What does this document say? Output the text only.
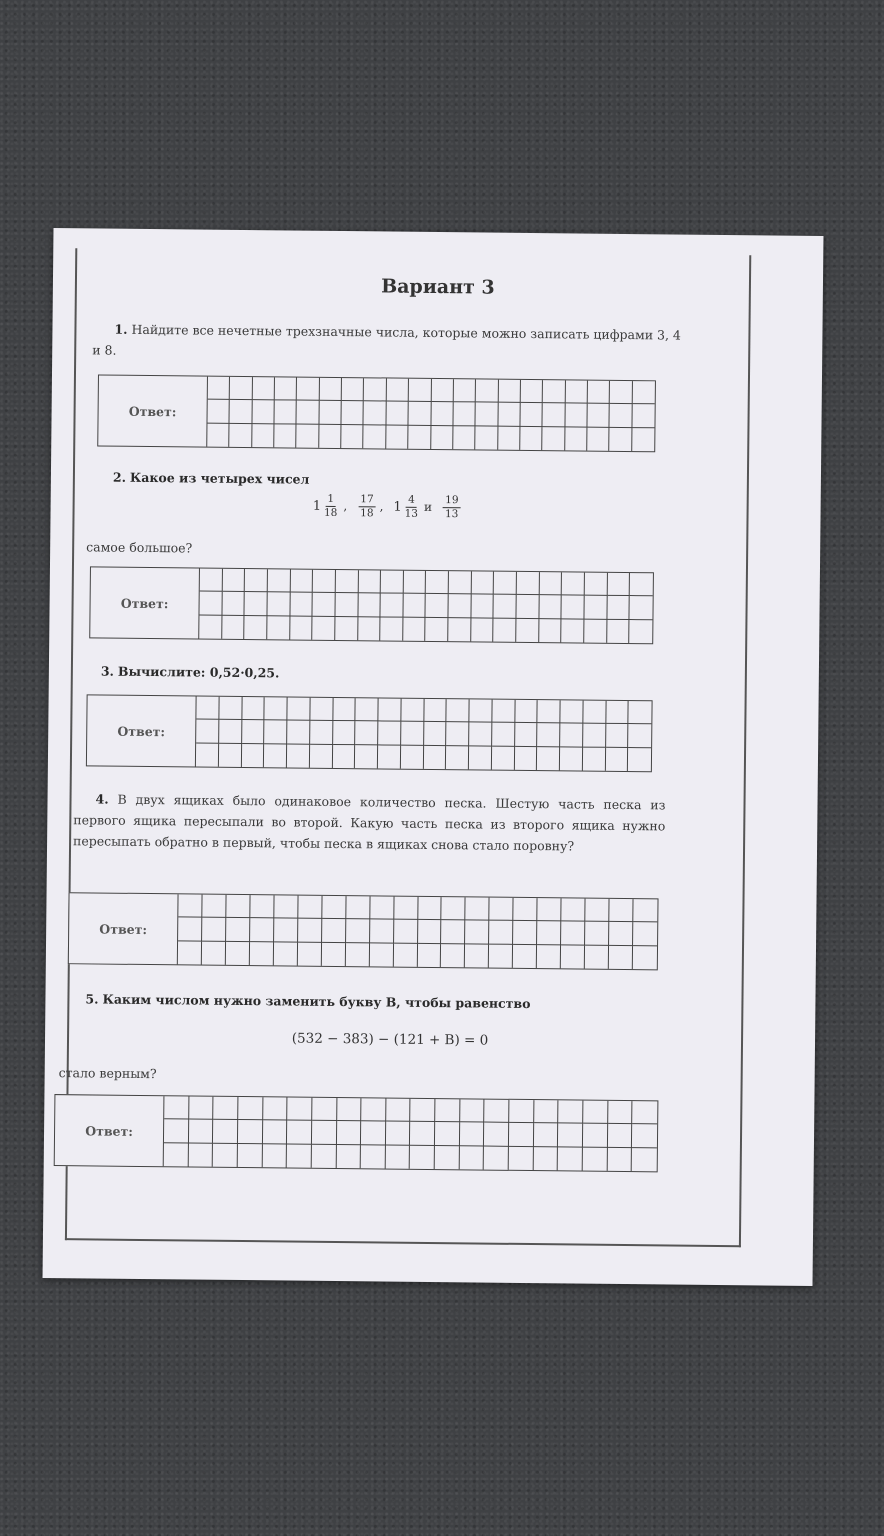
Вариант 3
1. Найдите все нечетные трехзначные числа, которые можно записать цифрами 3, 4 и 8.
Ответ:
2. Какое из четырех чисел
$1 \frac{1}{18}$ , $\frac{17}{18}$ , $1 \frac{4}{13}$ и $\frac{19}{13}$
самое большое?
Ответ:
3. Вычислите: 0,52·0,25.
Ответ:
4. В двух ящиках было одинаковое количество песка. Шестую часть песка из первого ящика пересыпали во второй. Какую часть песка из второго ящика нужно пересыпать обратно в первый, чтобы песка в ящиках снова стало поровну?
Ответ:
5. Каким числом нужно заменить букву B, чтобы равенство
(532 − 383) − (121 + B) = 0
стало верным?
Ответ:
